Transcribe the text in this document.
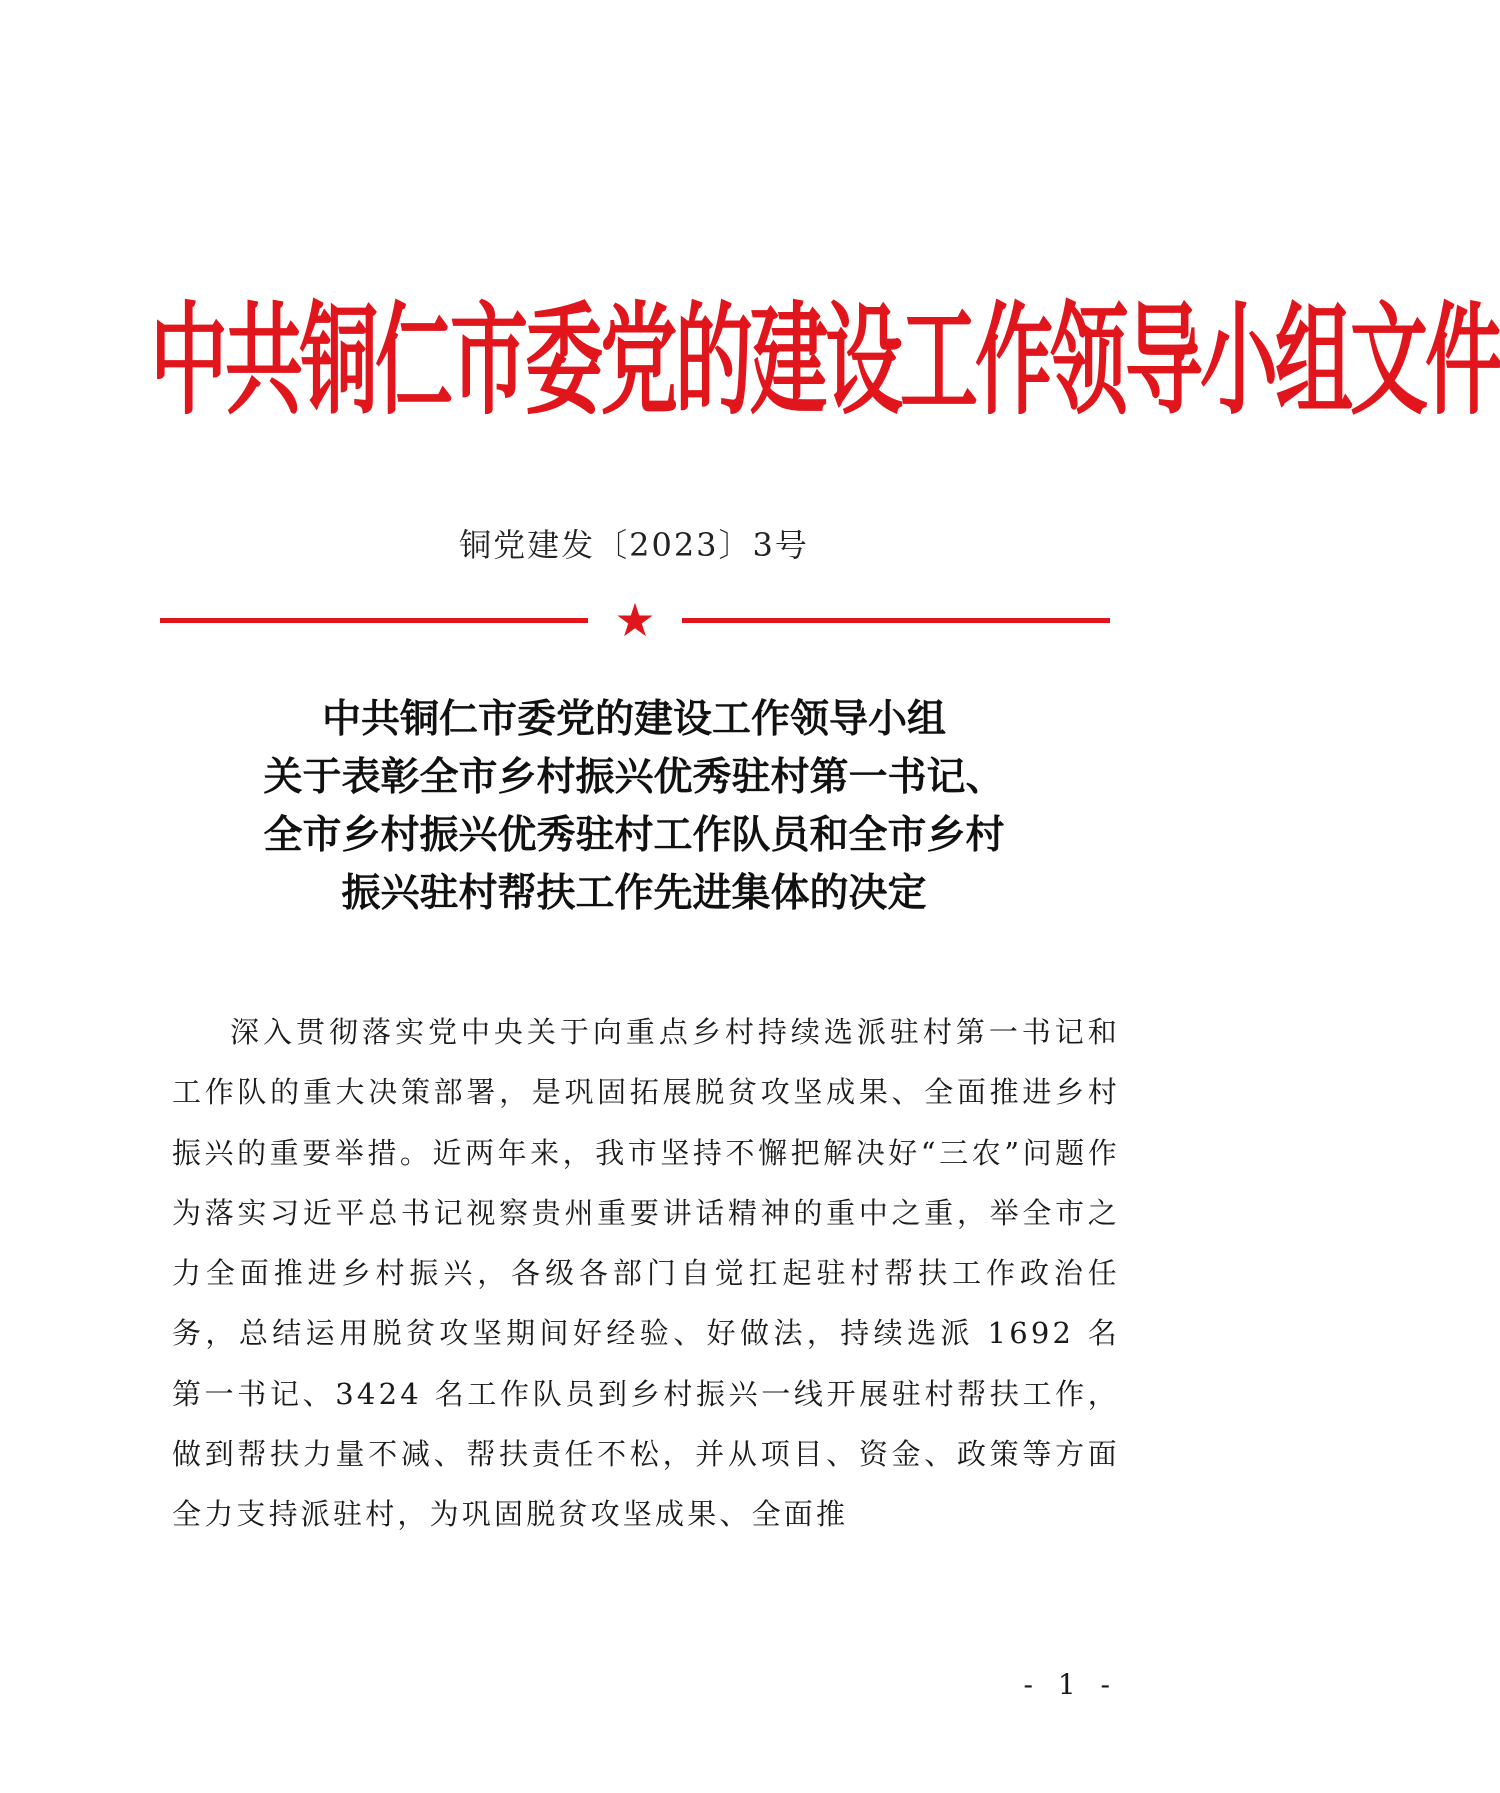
中共铜仁市委党的建设工作领导小组文件
铜党建发〔2023〕3号
★
中共铜仁市委党的建设工作领导小组
关于表彰全市乡村振兴优秀驻村第一书记、
全市乡村振兴优秀驻村工作队员和全市乡村
振兴驻村帮扶工作先进集体的决定
深入贯彻落实党中央关于向重点乡村持续选派驻村第一书记和工作队的重大决策部署，是巩固拓展脱贫攻坚成果、全面推进乡村振兴的重要举措。近两年来，我市坚持不懈把解决好“三农”问题作为落实习近平总书记视察贵州重要讲话精神的重中之重，举全市之力全面推进乡村振兴，各级各部门自觉扛起驻村帮扶工作政治任务，总结运用脱贫攻坚期间好经验、好做法，持续选派 1692 名第一书记、3424 名工作队员到乡村振兴一线开展驻村帮扶工作，做到帮扶力量不减、帮扶责任不松，并从项目、资金、政策等方面全力支持派驻村，为巩固脱贫攻坚成果、全面推
- 1 -
